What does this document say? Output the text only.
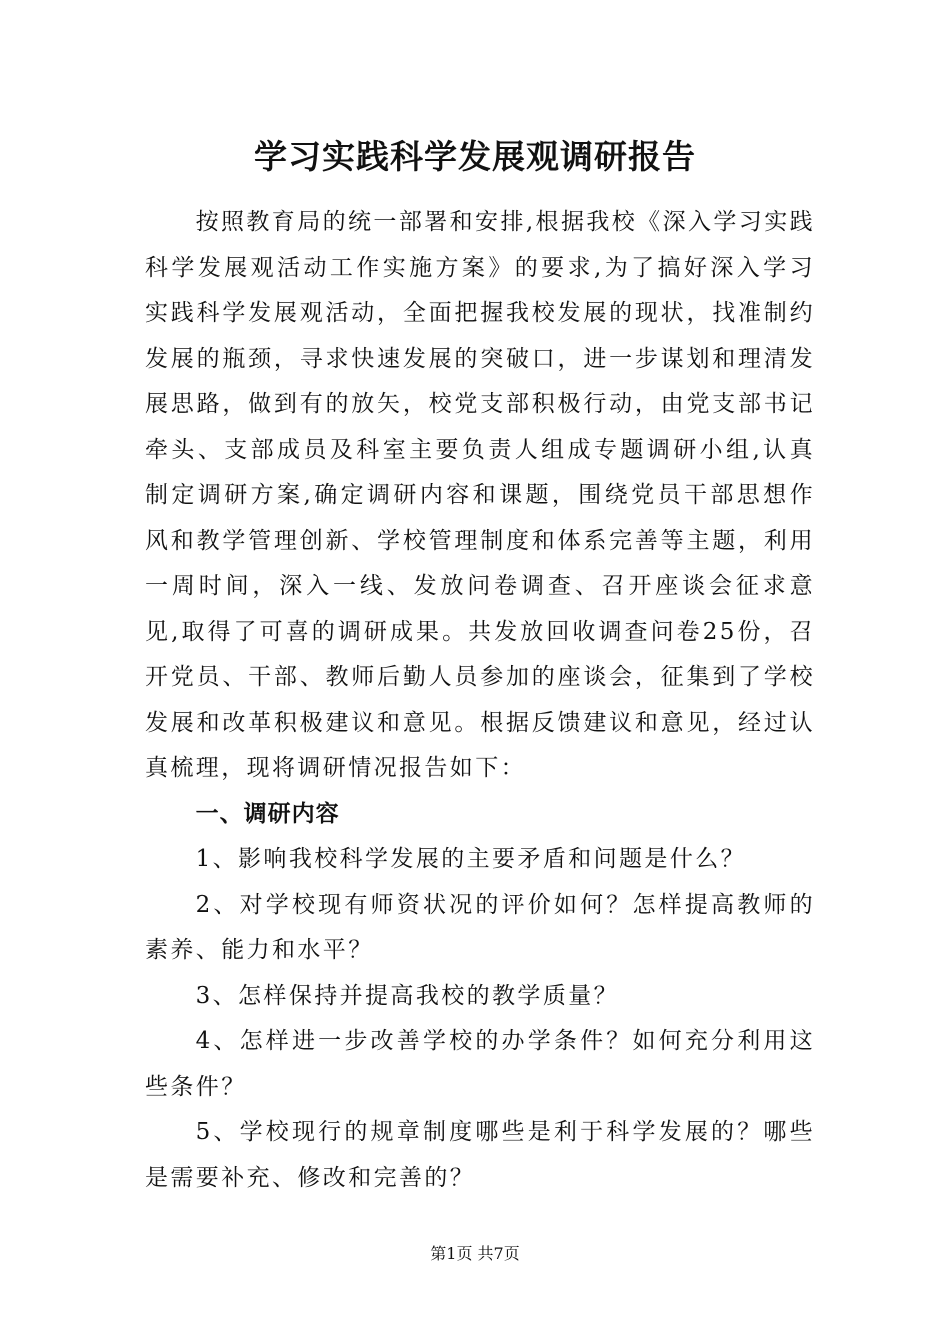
学习实践科学发展观调研报告

按照教育局的统一部署和安排,根据我校《深入学习实践科学发展观活动工作实施方案》的要求,为了搞好深入学习实践科学发展观活动，全面把握我校发展的现状，找准制约发展的瓶颈，寻求快速发展的突破口，进一步谋划和理清发展思路，做到有的放矢，校党支部积极行动，由党支部书记牵头、支部成员及科室主要负责人组成专题调研小组,认真制定调研方案,确定调研内容和课题，围绕党员干部思想作风和教学管理创新、学校管理制度和体系完善等主题，利用一周时间，深入一线、发放问卷调查、召开座谈会征求意见,取得了可喜的调研成果。共发放回收调查问卷25份，召开党员、干部、教师后勤人员参加的座谈会，征集到了学校发展和改革积极建议和意见。根据反馈建议和意见，经过认真梳理，现将调研情况报告如下：

一、调研内容

1、影响我校科学发展的主要矛盾和问题是什么？

2、对学校现有师资状况的评价如何？怎样提高教师的素养、能力和水平？

3、怎样保持并提高我校的教学质量？

4、怎样进一步改善学校的办学条件？如何充分利用这些条件？

5、学校现行的规章制度哪些是利于科学发展的？哪些是需要补充、修改和完善的？

第1页 共7页
